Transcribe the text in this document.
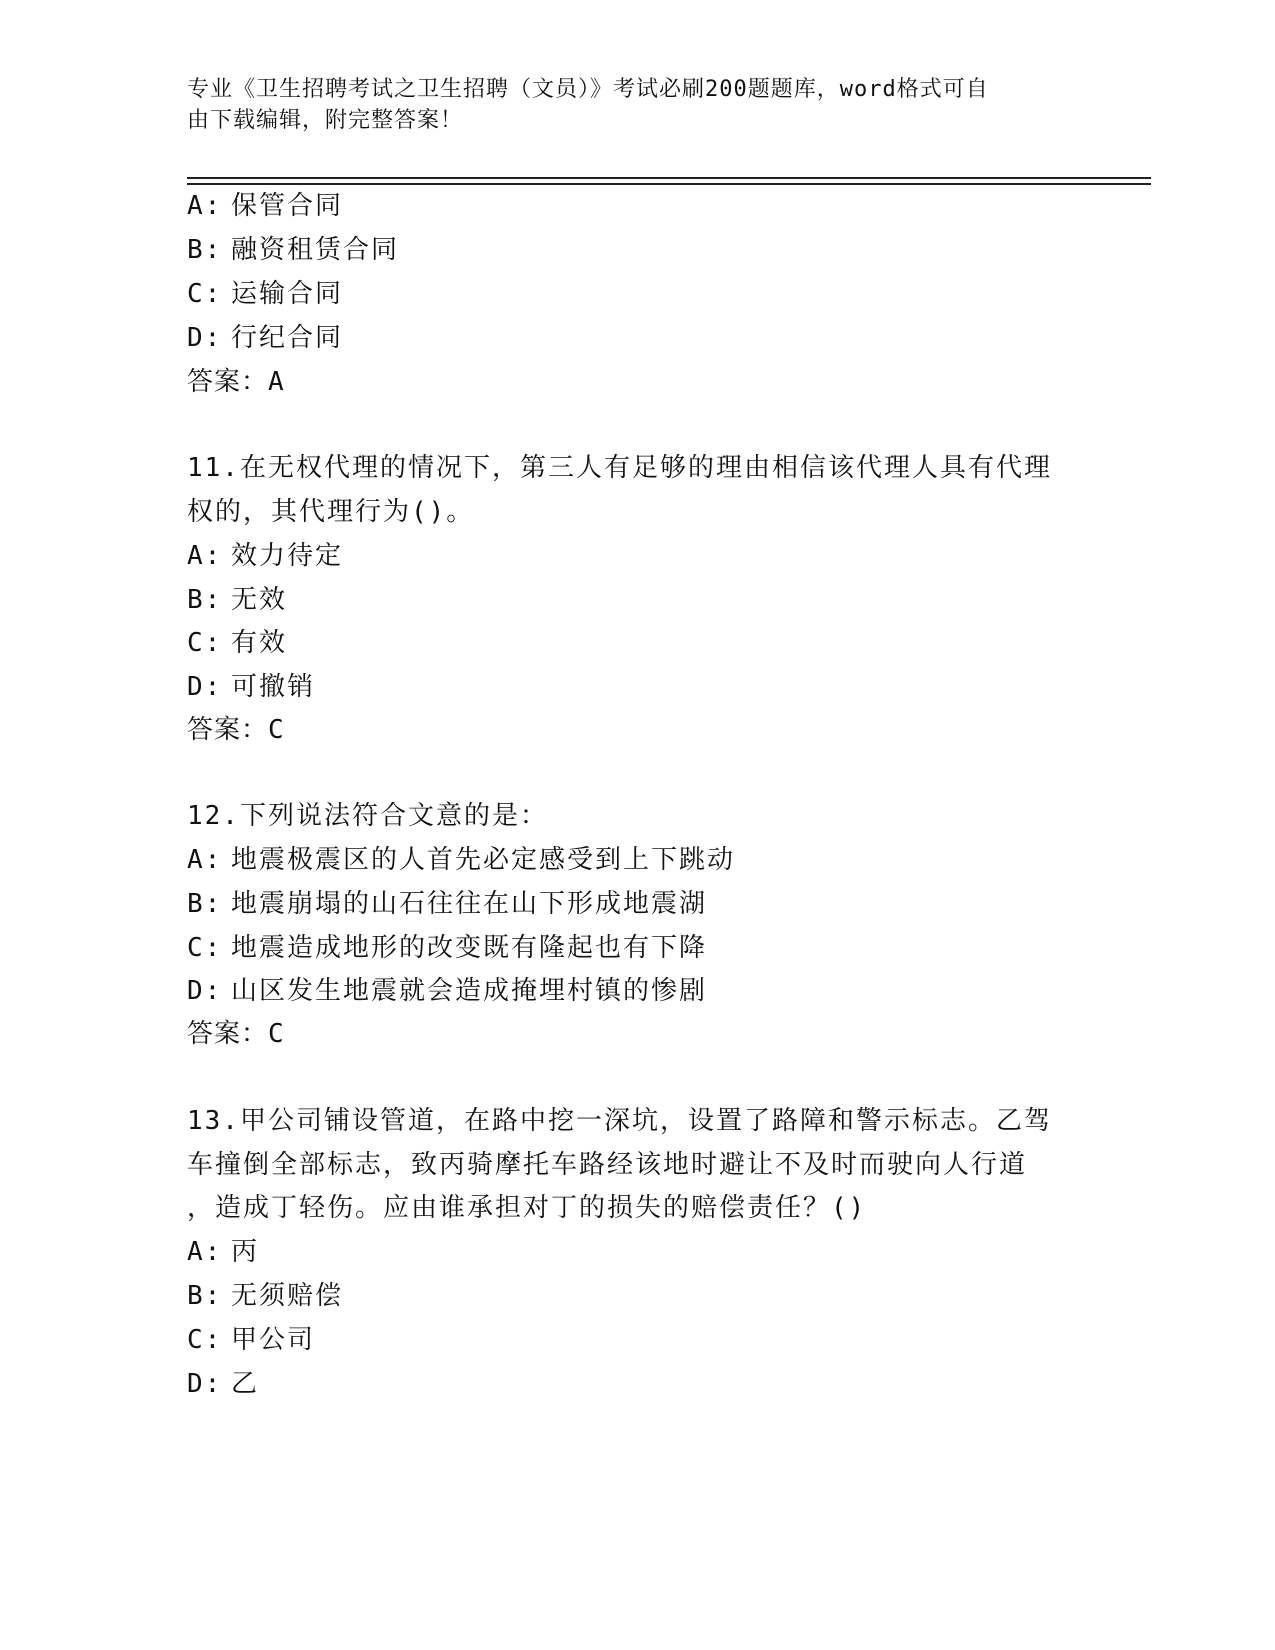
专业《卫生招聘考试之卫生招聘（文员）》考试必刷200题题库，word格式可自
由下载编辑，附完整答案！
A: 保管合同
B: 融资租赁合同
C: 运输合同
D: 行纪合同
答案：A
11.在无权代理的情况下，第三人有足够的理由相信该代理人具有代理
权的，其代理行为()。
A: 效力待定
B: 无效
C: 有效
D: 可撤销
答案：C
12.下列说法符合文意的是：
A: 地震极震区的人首先必定感受到上下跳动
B: 地震崩塌的山石往往在山下形成地震湖
C: 地震造成地形的改变既有隆起也有下降
D: 山区发生地震就会造成掩埋村镇的惨剧
答案：C
13.甲公司铺设管道，在路中挖一深坑，设置了路障和警示标志。乙驾
车撞倒全部标志，致丙骑摩托车路经该地时避让不及时而驶向人行道
，造成丁轻伤。应由谁承担对丁的损失的赔偿责任？()
A: 丙
B: 无须赔偿
C: 甲公司
D: 乙
